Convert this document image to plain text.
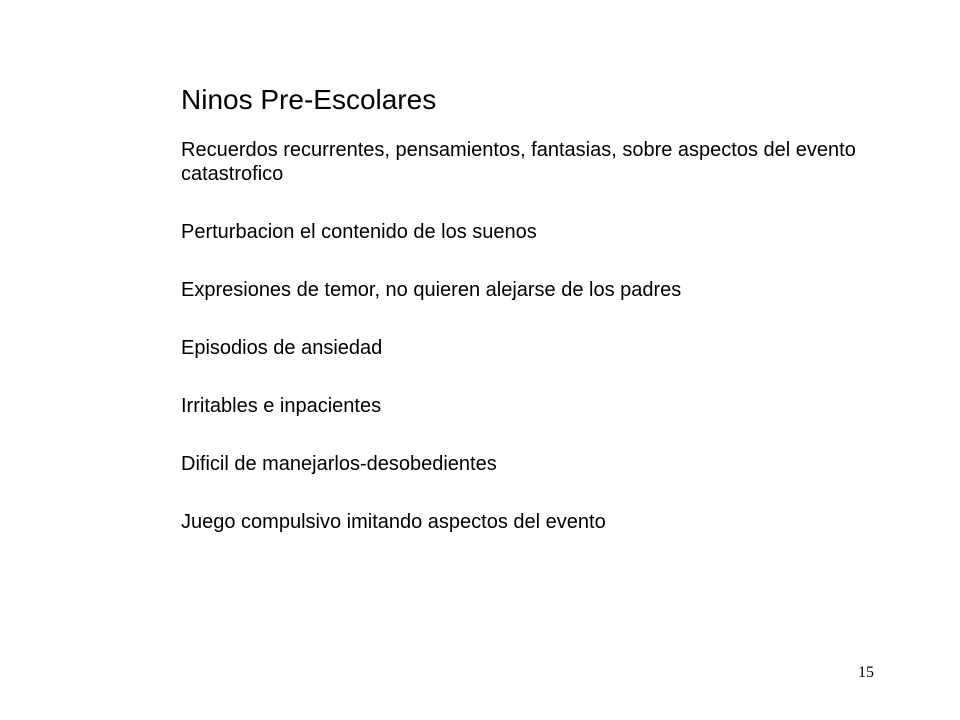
Ninos Pre-Escolares
Recuerdos recurrentes, pensamientos, fantasias, sobre aspectos del evento catastrofico
Perturbacion el contenido de los suenos
Expresiones de temor, no quieren alejarse de los padres
Episodios de ansiedad
Irritables e inpacientes
Dificil de manejarlos-desobedientes
Juego compulsivo imitando aspectos del evento
15
